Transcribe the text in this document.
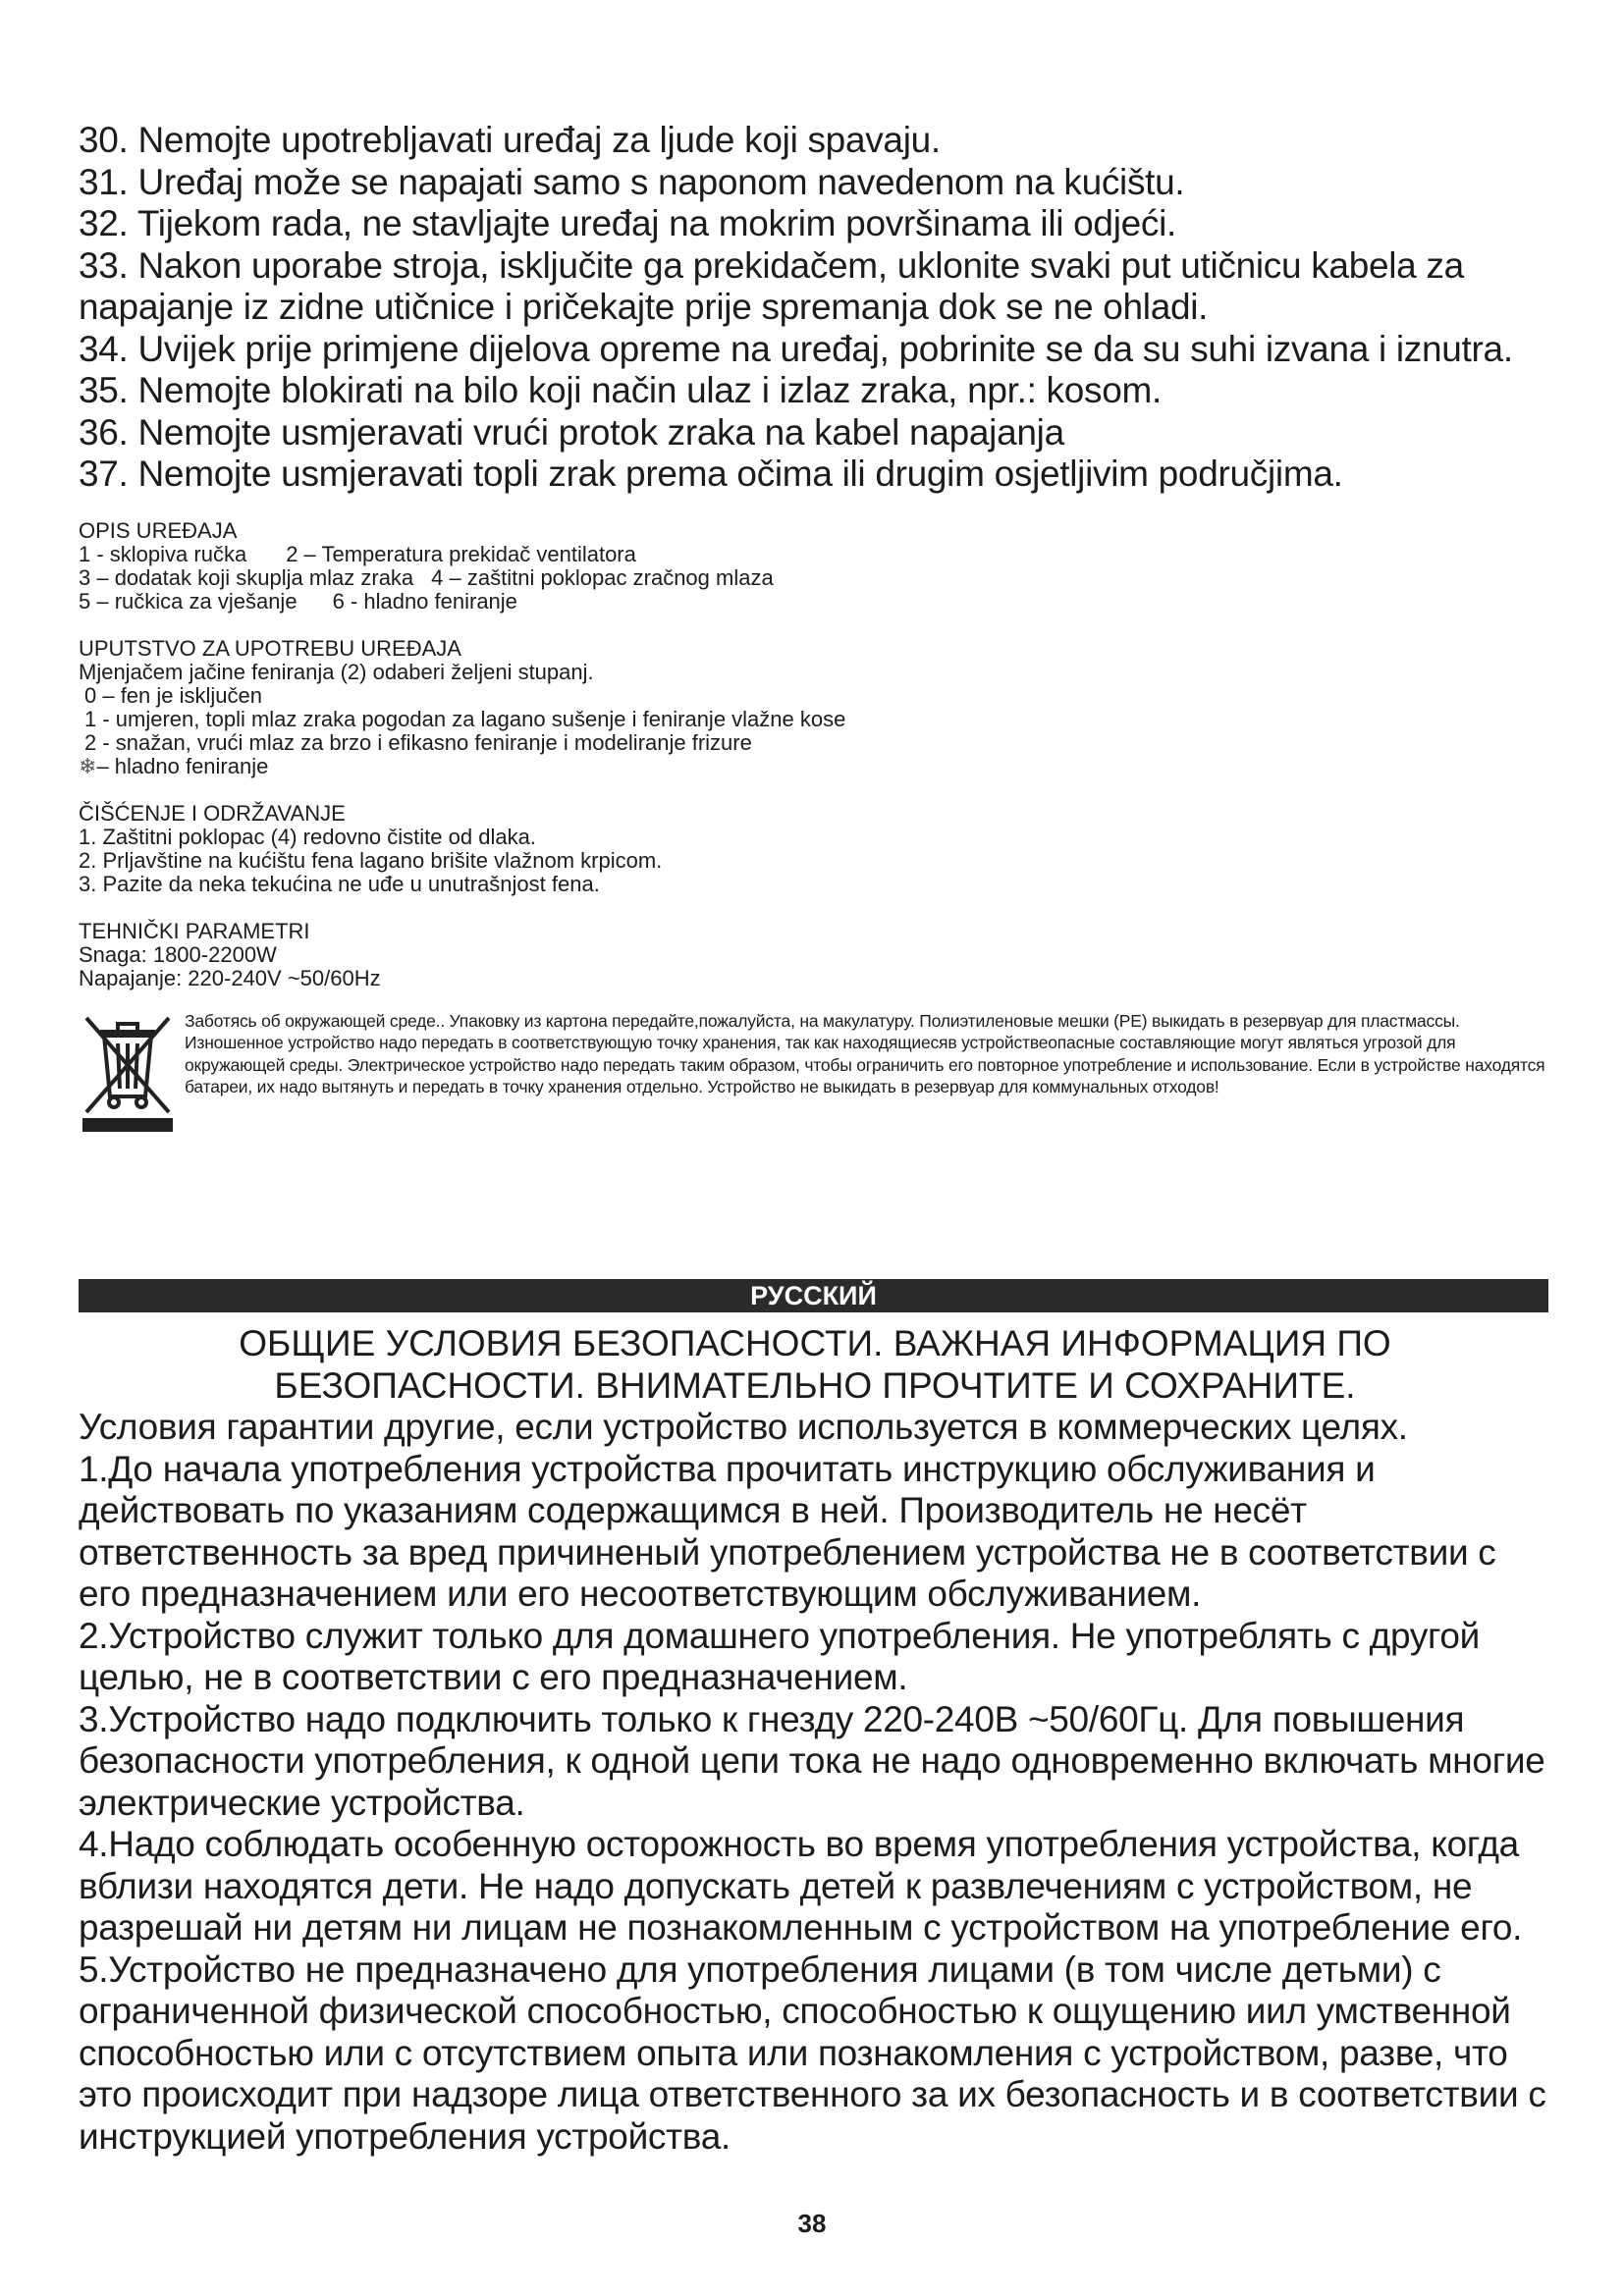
30. Nemojte upotrebljavati uređaj za ljude koji spavaju.
31. Uređaj može se napajati samo s naponom navedenom na kućištu.
32. Tijekom rada, ne stavljajte uređaj na mokrim površinama ili odjeći.
33. Nakon uporabe stroja, isključite ga prekidačem, uklonite svaki put utičnicu kabela za napajanje iz zidne utičnice i pričekajte prije spremanja dok se ne ohladi.
34. Uvijek prije primjene dijelova opreme na uređaj, pobrinite se da su suhi izvana i iznutra.
35. Nemojte blokirati na bilo koji način ulaz i izlaz zraka, npr.: kosom.
36. Nemojte usmjeravati vrući protok zraka na kabel napajanja
37. Nemojte usmjeravati topli zrak prema očima ili drugim osjetljivim područjima.

OPIS UREĐAJA

1 - sklopiva ručka 2 – Temperatura prekidač ventilatora
3 – dodatak koji skuplja mlaz zraka 4 – zaštitni poklopac zračnog mlaza
5 – ručkica za vješanje 6 - hladno feniranje

UPUTSTVO ZA UPOTREBU UREĐAJA

Mjenjačem jačine feniranja (2) odaberi željeni stupanj.

0 – fen je isključen

1 - umjeren, topli mlaz zraka pogodan za lagano sušenje i feniranje vlažne kose

2 - snažan, vrući mlaz za brzo i efikasno feniranje i modeliranje frizure

❄– hladno feniranje

ČIŠĆENJE I ODRŽAVANJE

1. Zaštitni poklopac (4) redovno čistite od dlaka.

2. Prljavštine na kućištu fena lagano brišite vlažnom krpicom.

3. Pazite da neka tekućina ne uđe u unutrašnjost fena.

TEHNIČKI PARAMETRI

Snaga: 1800-2200W

Napajanje: 220-240V ~50/60Hz

Заботясь об окружающей среде.. Упаковку из картона передайте,пожалуйста, на макулатуру. Полиэтиленовые мешки (PE) выкидать в резервуар для пластмассы. Изношенное устройство надо передать в соответствующую точку хранения, так как находящиесяв устройствеопасные составляющие могут являться угрозой для окружающей среды. Электрическое устройство надо передать таким образом, чтобы ограничить его повторное употребление и использование. Если в устройстве находятся батареи, их надо вытянуть и передать в точку хранения отдельно. Устройство не выкидать в резервуар для коммунальных отходов!
РУССКИЙ

ОБЩИЕ УСЛОВИЯ БЕЗОПАСНОСТИ. ВАЖНАЯ ИНФОРМАЦИЯ ПО

БЕЗОПАСНОСТИ. ВНИМАТЕЛЬНО ПРОЧТИТЕ И СОХРАНИТЕ.

Условия гарантии другие, если устройство используется в коммерческих целях.

1.До начала употребления устройства прочитать инструкцию обслуживания и действовать по указаниям содержащимся в ней. Производитель не несёт ответственность за вред причиненый употреблением устройства не в соответствии с его предназначением или его несоответствующим обслуживанием.

2.Устройство служит только для домашнего употребления. Не употреблять с другой целью, не в соответствии с его предназначением.

3.Устройство надо подключить только к гнезду 220-240В ~50/60Гц. Для повышения безопасности употребления, к одной цепи тока не надо одновременно включать многие электрические устройства.

4.Надо соблюдать особенную осторожность во время употребления устройства, когда вблизи находятся дети. Не надо допускать детей к развлечениям с устройством, не разрешай ни детям ни лицам не познакомленным с устройством на употребление его.

5.Устройство не предназначено для употребления лицами (в том числе детьми) с ограниченной физической способностью, способностью к ощущению иил умственной способностью или с отсутствием опыта или познакомления с устройством, разве, что это происходит при надзоре лица ответственного за их безопасность и в соответствии с инструкцией употребления устройства.

38
